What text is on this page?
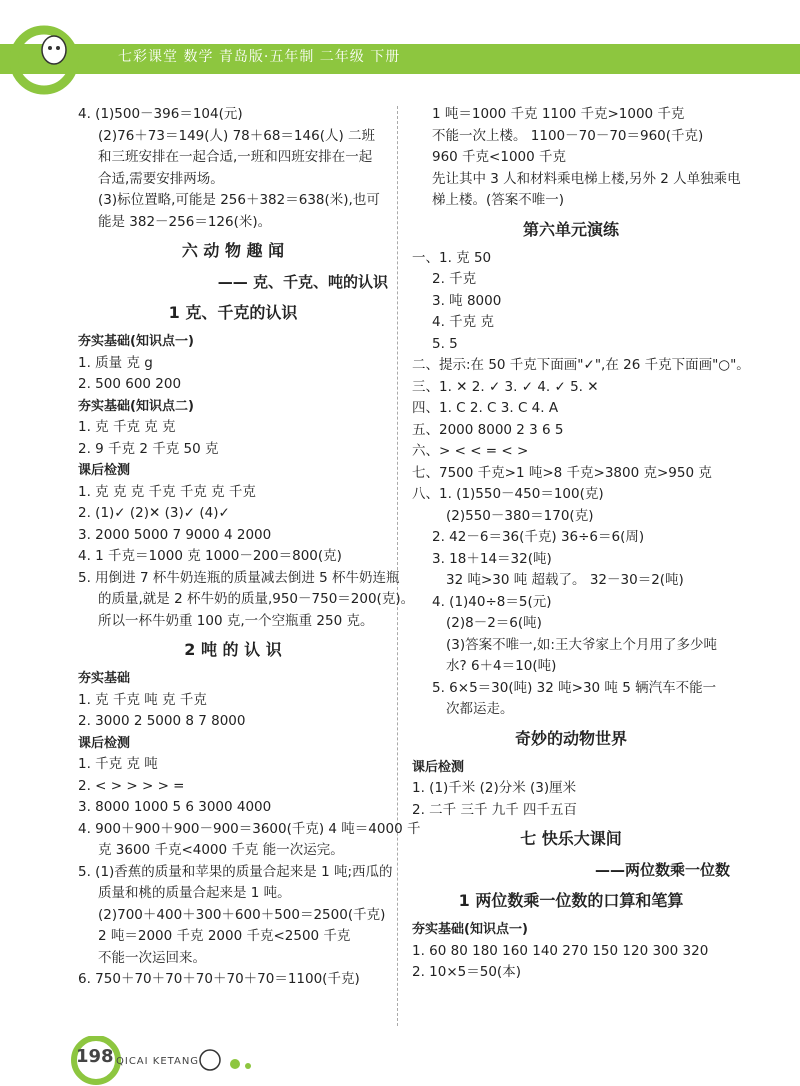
七彩课堂 数学 青岛版·五年制 二年级 下册
4. (1)500－396＝104(元)
(2)76＋73＝149(人) 78＋68＝146(人) 二班
和三班安排在一起合适,一班和四班安排在一起
合适,需要安排两场。
(3)标位置略,可能是 256＋382＝638(米),也可
能是 382－256＝126(米)。
六 动 物 趣 闻
—— 克、千克、吨的认识
1 克、千克的认识
夯实基础(知识点一)
1. 质量 克 g
2. 500 600 200
夯实基础(知识点二)
1. 克 千克 克 克
2. 9 千克 2 千克 50 克
课后检测
1. 克 克 克 千克 千克 克 千克
2. (1)✓ (2)✕ (3)✓ (4)✓
3. 2000 5000 7 9000 4 2000
4. 1 千克＝1000 克 1000－200＝800(克)
5. 用倒进 7 杯牛奶连瓶的质量减去倒进 5 杯牛奶连瓶
的质量,就是 2 杯牛奶的质量,950－750＝200(克)。
所以一杯牛奶重 100 克,一个空瓶重 250 克。
2 吨 的 认 识
夯实基础
1. 克 千克 吨 克 千克
2. 3000 2 5000 8 7 8000
课后检测
1. 千克 克 吨
2. < > > > > =
3. 8000 1000 5 6 3000 4000
4. 900＋900＋900－900＝3600(千克) 4 吨＝4000 千
克 3600 千克<4000 千克 能一次运完。
5. (1)香蕉的质量和苹果的质量合起来是 1 吨;西瓜的
质量和桃的质量合起来是 1 吨。
(2)700＋400＋300＋600＋500＝2500(千克)
2 吨＝2000 千克 2000 千克<2500 千克
不能一次运回来。
6. 750＋70＋70＋70＋70＋70＝1100(千克)
1 吨＝1000 千克 1100 千克>1000 千克
不能一次上楼。 1100－70－70＝960(千克)
960 千克<1000 千克
先让其中 3 人和材料乘电梯上楼,另外 2 人单独乘电
梯上楼。(答案不唯一)
第六单元演练
一、1. 克 50
2. 千克
3. 吨 8000
4. 千克 克
5. 5
二、提示:在 50 千克下面画"✓",在 26 千克下面画"○"。
三、1. ✕ 2. ✓ 3. ✓ 4. ✓ 5. ✕
四、1. C 2. C 3. C 4. A
五、2000 8000 2 3 6 5
六、> < < = < >
七、7500 千克>1 吨>8 千克>3800 克>950 克
八、1. (1)550－450＝100(克)
(2)550－380＝170(克)
2. 42－6＝36(千克) 36÷6＝6(周)
3. 18＋14＝32(吨)
32 吨>30 吨 超载了。 32－30＝2(吨)
4. (1)40÷8＝5(元)
(2)8－2＝6(吨)
(3)答案不唯一,如:王大爷家上个月用了多少吨
水? 6＋4＝10(吨)
5. 6×5＝30(吨) 32 吨>30 吨 5 辆汽车不能一
次都运走。
奇妙的动物世界
课后检测
1. (1)千米 (2)分米 (3)厘米
2. 二千 三千 九千 四千五百
七 快乐大课间
——两位数乘一位数
1 两位数乘一位数的口算和笔算
夯实基础(知识点一)
1. 60 80 180 160 140 270 150 120 300 320
2. 10×5＝50(本)
198 QICAI KETANG
